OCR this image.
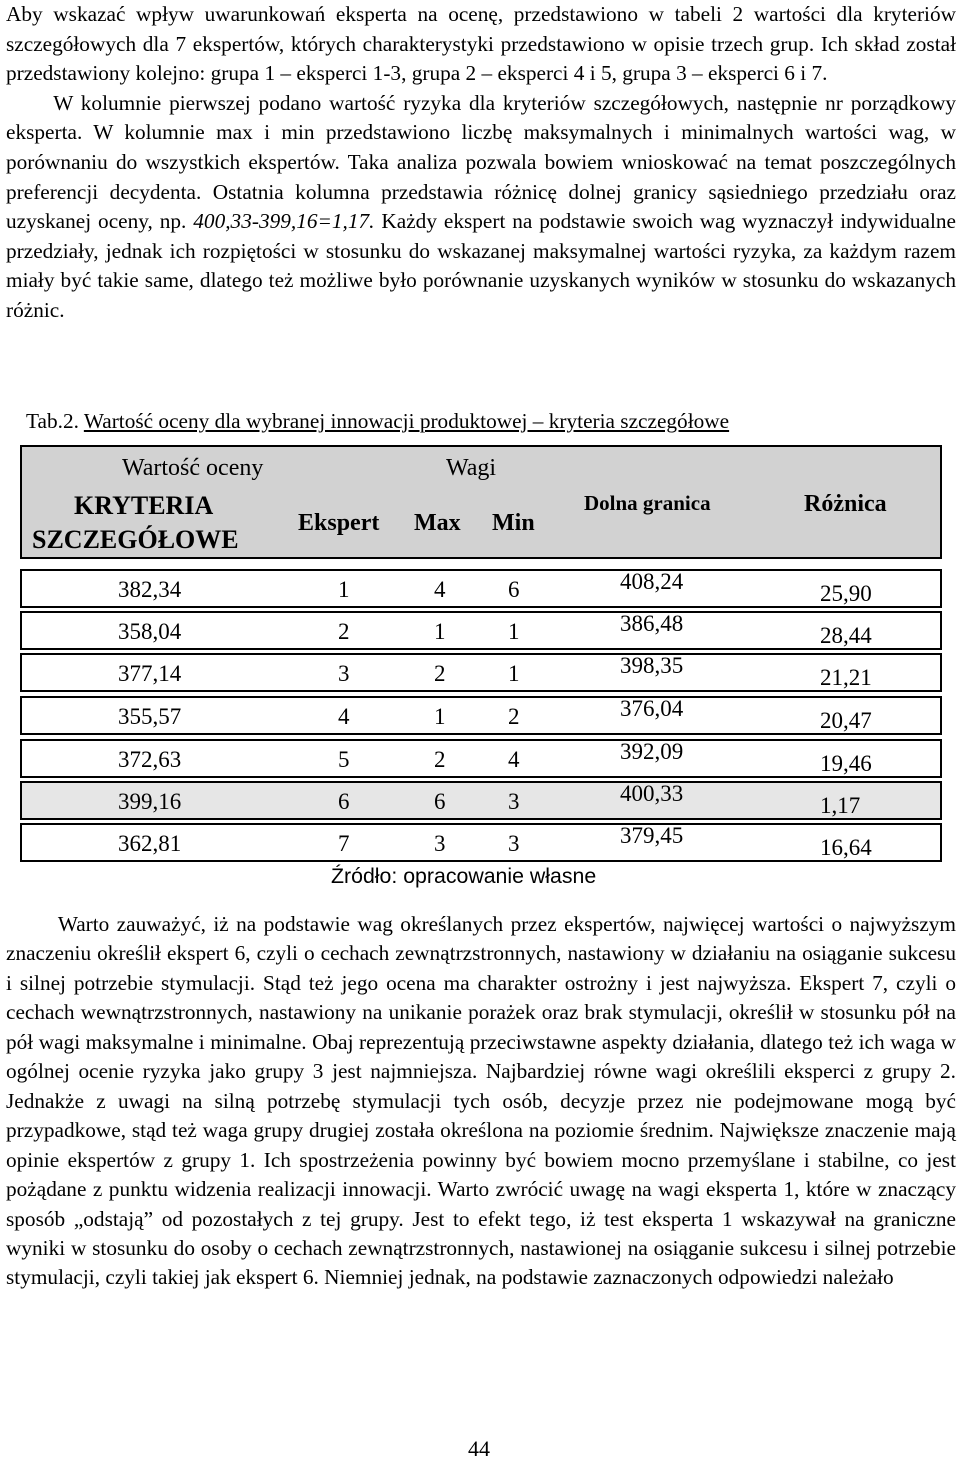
Aby wskazać wpływ uwarunkowań eksperta na ocenę, przedstawiono w tabeli 2 wartości dla kryteriów szczegółowych dla 7 ekspertów, których charakterystyki przedstawiono w opisie trzech grup. Ich skład został przedstawiony kolejno: grupa 1 – eksperci 1-3, grupa 2 – eksperci 4 i 5, grupa 3 – eksperci 6 i 7.
W kolumnie pierwszej podano wartość ryzyka dla kryteriów szczegółowych, następnie nr porządkowy eksperta. W kolumnie max i min przedstawiono liczbę maksymalnych i minimalnych wartości wag, w porównaniu do wszystkich ekspertów. Taka analiza pozwala bowiem wnioskować na temat poszczególnych preferencji decydenta. Ostatnia kolumna przedstawia różnicę dolnej granicy sąsiedniego przedziału oraz uzyskanej oceny, np. 400,33-399,16=1,17. Każdy ekspert na podstawie swoich wag wyznaczył indywidualne przedziały, jednak ich rozpiętości w stosunku do wskazanej maksymalnej wartości ryzyka, za każdym razem miały być takie same, dlatego też możliwe było porównanie uzyskanych wyników w stosunku do wskazanych różnic.

Tab.2. Wartość oceny dla wybranej innowacji produktowej – kryteria szczegółowe

Wartość oceny	Wagi
KRYTERIA
SZCZEGÓŁOWE
Ekspert Max Min
Dolna granica	Różnica
382,34	1	4	6	408,24	25,90
358,04	2	1	1	386,48	28,44
377,14	3	2	1	398,35	21,21
355,57	4	1	2	376,04	20,47
372,63	5	2	4	392,09	19,46
399,16	6	6	3	400,33	1,17
362,81	7	3	3	379,45	16,64

Źródło: opracowanie własne

Warto zauważyć, iż na podstawie wag określanych przez ekspertów, najwięcej wartości o najwyższym znaczeniu określił ekspert 6, czyli o cechach zewnątrzstronnych, nastawiony w działaniu na osiąganie sukcesu i silnej potrzebie stymulacji. Stąd też jego ocena ma charakter ostrożny i jest najwyższa. Ekspert 7, czyli o cechach wewnątrzstronnych, nastawiony na unikanie porażek oraz brak stymulacji, określił w stosunku pół na pół wagi maksymalne i minimalne. Obaj reprezentują przeciwstawne aspekty działania, dlatego też ich waga w ogólnej ocenie ryzyka jako grupy 3 jest najmniejsza. Najbardziej równe wagi określili eksperci z grupy 2. Jednakże z uwagi na silną potrzebę stymulacji tych osób, decyzje przez nie podejmowane mogą być przypadkowe, stąd też waga grupy drugiej została określona na poziomie średnim. Największe znaczenie mają opinie ekspertów z grupy 1. Ich spostrzeżenia powinny być bowiem mocno przemyślane i stabilne, co jest pożądane z punktu widzenia realizacji innowacji. Warto zwrócić uwagę na wagi eksperta 1, które w znaczący sposób „odstają” od pozostałych z tej grupy. Jest to efekt tego, iż test eksperta 1 wskazywał na graniczne wyniki w stosunku do osoby o cechach zewnątrzstronnych, nastawionej na osiąganie sukcesu i silnej potrzebie stymulacji, czyli takiej jak ekspert 6. Niemniej jednak, na podstawie zaznaczonych odpowiedzi należało

44
